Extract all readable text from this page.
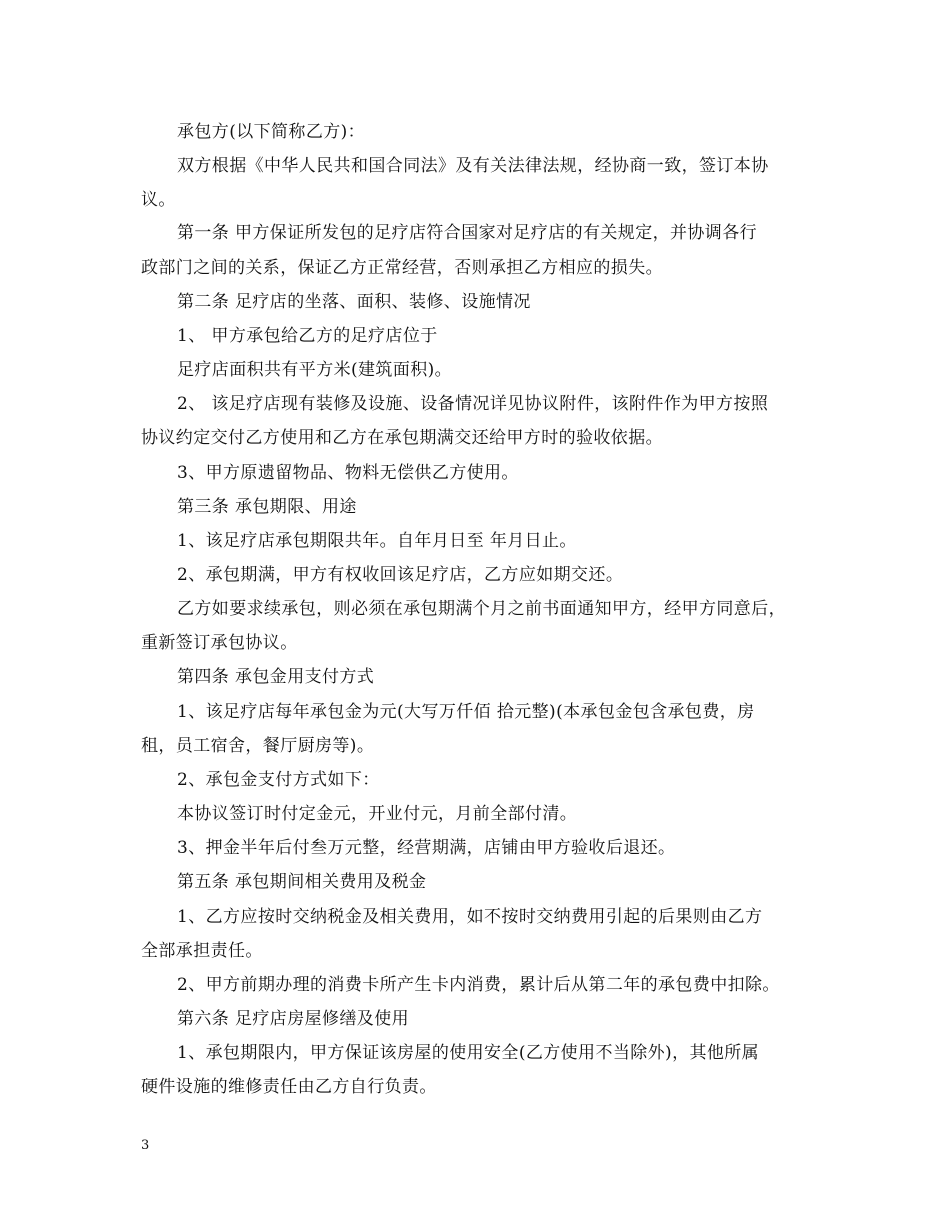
承包方(以下简称乙方)：
双方根据《中华人民共和国合同法》及有关法律法规，经协商一致，签订本协
议。
第一条 甲方保证所发包的足疗店符合国家对足疗店的有关规定，并协调各行
政部门之间的关系，保证乙方正常经营，否则承担乙方相应的损失。
第二条 足疗店的坐落、面积、装修、设施情况
1、 甲方承包给乙方的足疗店位于
足疗店面积共有平方米(建筑面积)。
2、 该足疗店现有装修及设施、设备情况详见协议附件，该附件作为甲方按照
协议约定交付乙方使用和乙方在承包期满交还给甲方时的验收依据。
3、甲方原遗留物品、物料无偿供乙方使用。
第三条 承包期限、用途
1、该足疗店承包期限共年。自年月日至 年月日止。
2、承包期满，甲方有权收回该足疗店，乙方应如期交还。
乙方如要求续承包，则必须在承包期满个月之前书面通知甲方，经甲方同意后，
重新签订承包协议。
第四条 承包金用支付方式
1、该足疗店每年承包金为元(大写万仟佰 拾元整)(本承包金包含承包费，房
租，员工宿舍，餐厅厨房等)。
2、承包金支付方式如下：
本协议签订时付定金元，开业付元，月前全部付清。
3、押金半年后付叁万元整，经营期满，店铺由甲方验收后退还。
第五条 承包期间相关费用及税金
1、乙方应按时交纳税金及相关费用，如不按时交纳费用引起的后果则由乙方
全部承担责任。
2、甲方前期办理的消费卡所产生卡内消费，累计后从第二年的承包费中扣除。
第六条 足疗店房屋修缮及使用
1、承包期限内，甲方保证该房屋的使用安全(乙方使用不当除外)，其他所属
硬件设施的维修责任由乙方自行负责。
3
